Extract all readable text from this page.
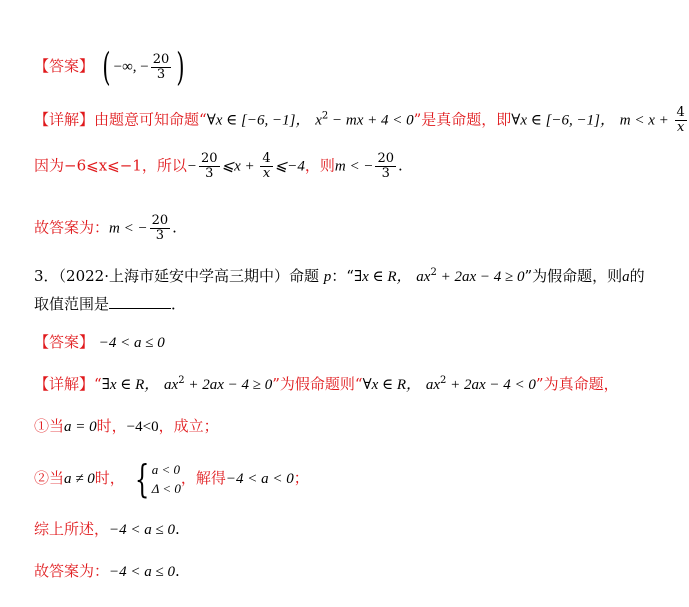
【答案】 ( −∞, − $\frac{20}{3}$ )
【详解】由题意可知命题“∀x ∈ [−6, −1]， $x^2$ − mx + 4 < 0”是真命题，即∀x ∈ [−6, −1]， $m < x + \frac{4}{x}$
因为−6⩽x⩽−1，所以− $\frac{20}{3}$ ⩽x + $\frac{4}{x}$ ⩽−4，则m < − $\frac{20}{3}$ .
故答案为：m < − $\frac{20}{3}$ .
3．（2022·上海市延安中学高三期中）命题 p：“∃x ∈ R， $ax^2 + 2ax - 4 \ge 0$”为假命题，则a的
取值范围是	．
【答案】 −4 < a ≤ 0
【详解】“∃x ∈ R， $ax^2 + 2ax - 4 \ge 0$”为假命题则“∀x ∈ R， $ax^2 + 2ax - 4 < 0$”为真命题，
①当a = 0时，−4<0，成立；
②当a ≠ 0时， { a < 0
Δ < 0
，解得−4 < a < 0；
综上所述，−4 < a ≤ 0.
故答案为：−4 < a ≤ 0.
